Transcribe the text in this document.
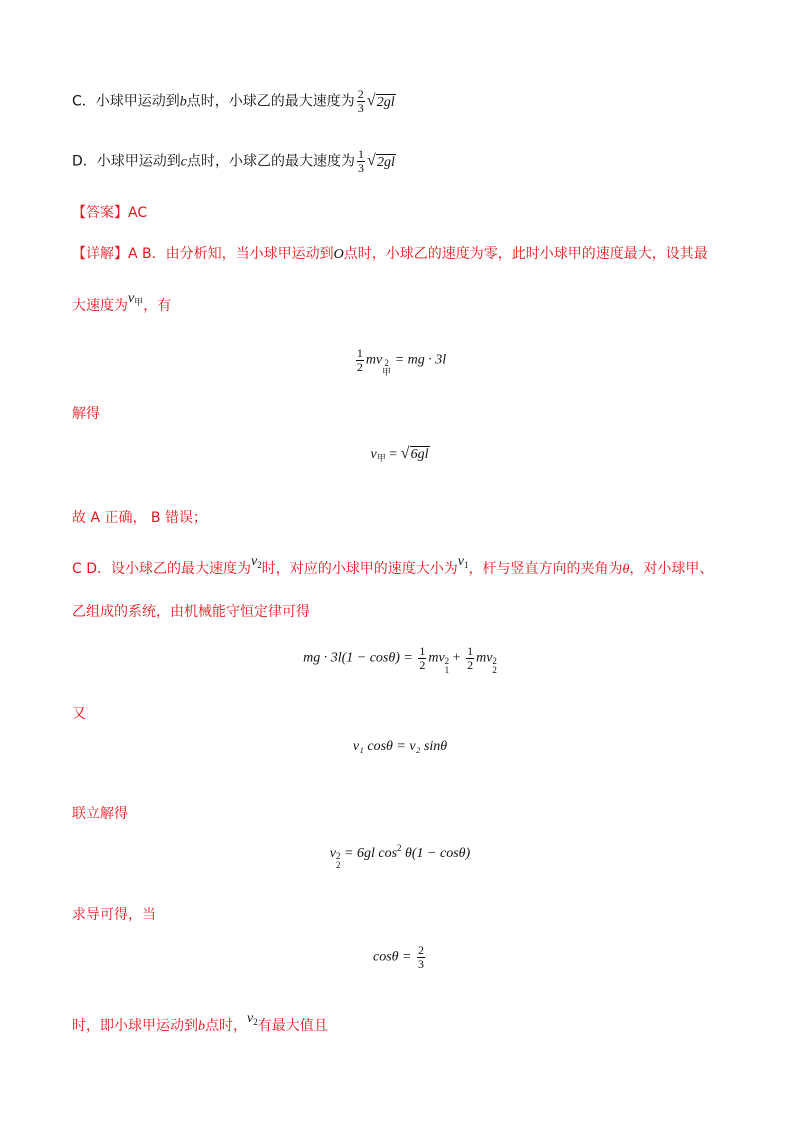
C．小球甲运动到b点时，小球乙的最大速度为 $\frac{2}{3}$ √ 2gl
D．小球甲运动到c点时，小球乙的最大速度为 $\frac{1}{3}$ √ 2gl
【答案】AC
【详解】A B．由分析知，当小球甲运动到O点时，小球乙的速度为零，此时小球甲的速度最大，设其最
大速度为$v_甲$，有
$\frac{1}{2}$ mv 2
甲
= mg · 3l
解得
$v_甲$ = √ 6gl
故 A 正确， B 错误；
C D．设小球乙的最大速度为$v_2$时，对应的小球甲的速度大小为$v_1$，杆与竖直方向的夹角为θ，对小球甲、
乙组成的系统，由机械能守恒定律可得
mg · $3l(1 - \cos\theta) = \frac{1}{2}$ mv 2
1
+ $\frac{1}{2}$ mv 2
2
又
v₁ cosθ = v₂ sinθ
联立解得
v 2
2
= 6gl $\cos^2 \theta(1 - \cos\theta)$
求导可得，当
$\cos\theta = \frac{2}{3}$
时，即小球甲运动到b点时，$v_2$有最大值且
